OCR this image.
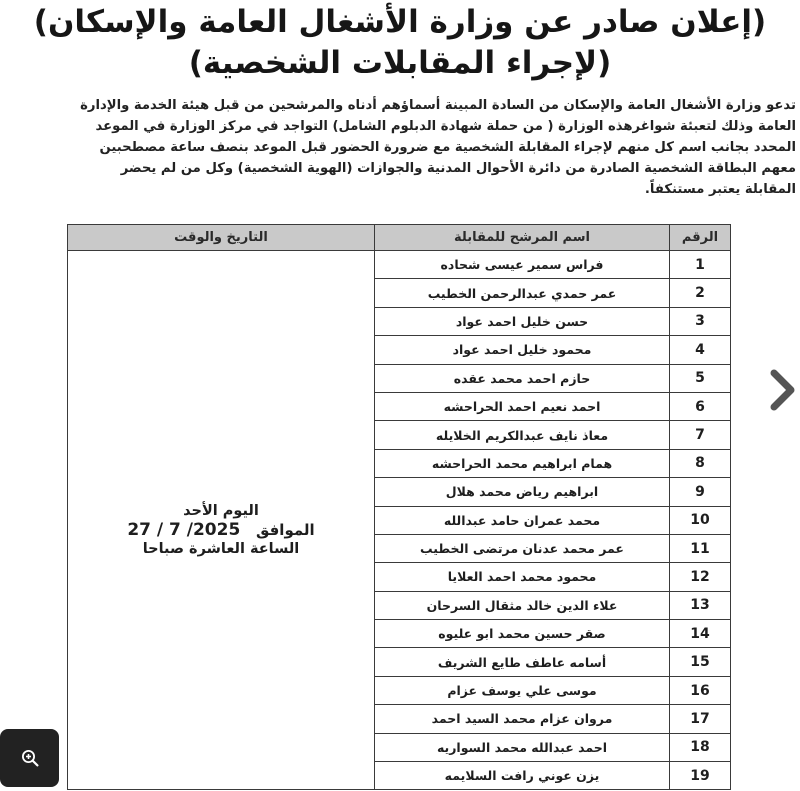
(إعلان صادر عن وزارة الأشغال العامة والإسكان)
(لإجراء المقابلات الشخصية)
تدعو وزارة الأشغال العامة والإسكان من السادة المبينة أسماؤهم أدناه والمرشحين من قبل هيئة الخدمة والإدارة
العامة وذلك لتعبئة شواغرهذه الوزارة ( من حملة شهادة الدبلوم الشامل) التواجد في مركز الوزارة في الموعد
المحدد بجانب اسم كل منهم لإجراء المقابلة الشخصية مع ضرورة الحضور قبل الموعد بنصف ساعة مصطحبين
معهم البطاقة الشخصية الصادرة من دائرة الأحوال المدنية والجوازات (الهوية الشخصية) وكل من لم يحضر
المقابلة يعتبر مستنكفاً.
الرقم	اسم المرشح للمقابلة	التاريخ والوقت
1	فراس سمير عيسى شحاده	اليوم الأحد
الموافق   27 / 7 /2025
الساعة العاشرة صباحا

2	عمر حمدي عبدالرحمن الخطيب	
3	حسن خليل احمد عواد	
4	محمود خليل احمد عواد	
5	حازم احمد محمد عقده	
6	احمد نعيم احمد الحراحشه	
7	معاذ نايف عبدالكريم الخلايله	
8	همام ابراهيم محمد الحراحشه	
9	ابراهيم رياض محمد هلال	
10	محمد عمران حامد عبدالله	
11	عمر محمد عدنان مرتضى الخطيب	
12	محمود محمد احمد العلايا	
13	علاء الدين خالد مثقال السرحان	
14	صقر حسين محمد ابو عليوه	
15	أسامه عاطف طايع الشريف	
16	موسى علي يوسف عزام	
17	مروان عزام محمد السيد احمد	
18	احمد عبدالله محمد السواريه	
19	يزن عوني رافت السلايمه	
